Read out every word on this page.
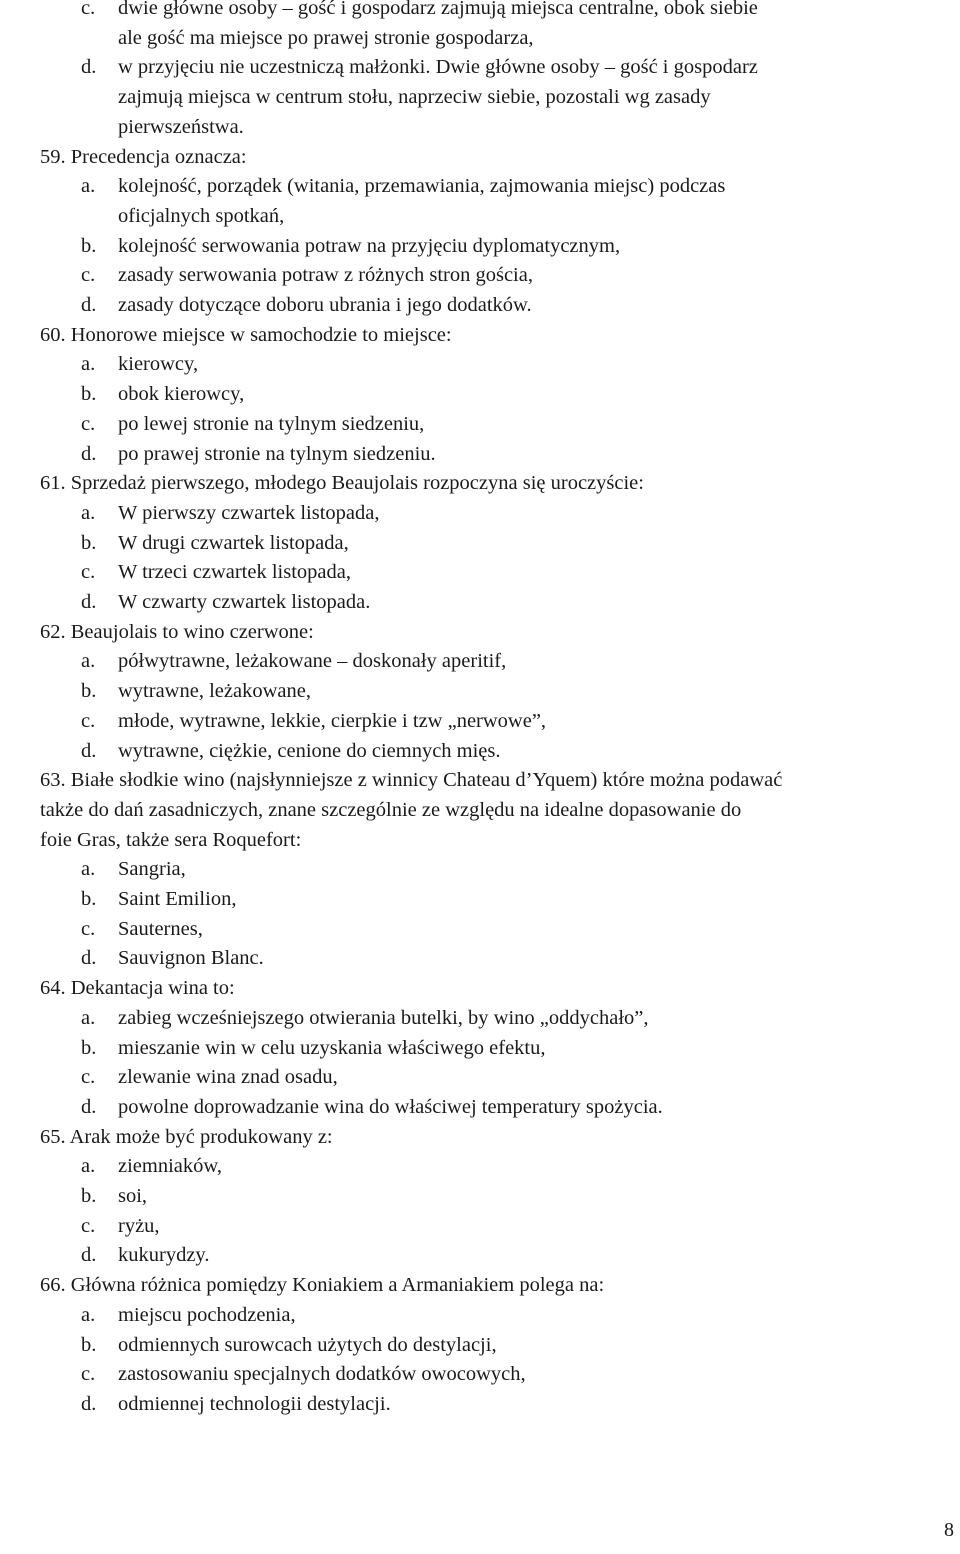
c. dwie główne osoby – gość i gospodarz zajmują miejsca centralne, obok siebie
ale gość ma miejsce po prawej stronie gospodarza,
d. w przyjęciu nie uczestniczą małżonki. Dwie główne osoby – gość i gospodarz
zajmują miejsca w centrum stołu, naprzeciw siebie, pozostali wg zasady
pierwszeństwa.
59. Precedencja oznacza:
a. kolejność, porządek (witania, przemawiania, zajmowania miejsc) podczas
oficjalnych spotkań,
b. kolejność serwowania potraw na przyjęciu dyplomatycznym,
c. zasady serwowania potraw z różnych stron gościa,
d. zasady dotyczące doboru ubrania i jego dodatków.
60. Honorowe miejsce w samochodzie to miejsce:
a. kierowcy,
b. obok kierowcy,
c. po lewej stronie na tylnym siedzeniu,
d. po prawej stronie na tylnym siedzeniu.
61. Sprzedaż pierwszego, młodego Beaujolais rozpoczyna się uroczyście:
a. W pierwszy czwartek listopada,
b. W drugi czwartek listopada,
c. W trzeci czwartek listopada,
d. W czwarty czwartek listopada.
62. Beaujolais to wino czerwone:
a. półwytrawne, leżakowane – doskonały aperitif,
b. wytrawne, leżakowane,
c. młode, wytrawne, lekkie, cierpkie i tzw „nerwowe”,
d. wytrawne, ciężkie, cenione do ciemnych mięs.
63. Białe słodkie wino (najsłynniejsze z winnicy Chateau d’Yquem) które można podawać
także do dań zasadniczych, znane szczególnie ze względu na idealne dopasowanie do
foie Gras, także sera Roquefort:
a. Sangria,
b. Saint Emilion,
c. Sauternes,
d. Sauvignon Blanc.
64. Dekantacja wina to:
a. zabieg wcześniejszego otwierania butelki, by wino „oddychało”,
b. mieszanie win w celu uzyskania właściwego efektu,
c. zlewanie wina znad osadu,
d. powolne doprowadzanie wina do właściwej temperatury spożycia.
65. Arak może być produkowany z:
a. ziemniaków,
b. soi,
c. ryżu,
d. kukurydzy.
66. Główna różnica pomiędzy Koniakiem a Armaniakiem polega na:
a. miejscu pochodzenia,
b. odmiennych surowcach użytych do destylacji,
c. zastosowaniu specjalnych dodatków owocowych,
d. odmiennej technologii destylacji.
8
